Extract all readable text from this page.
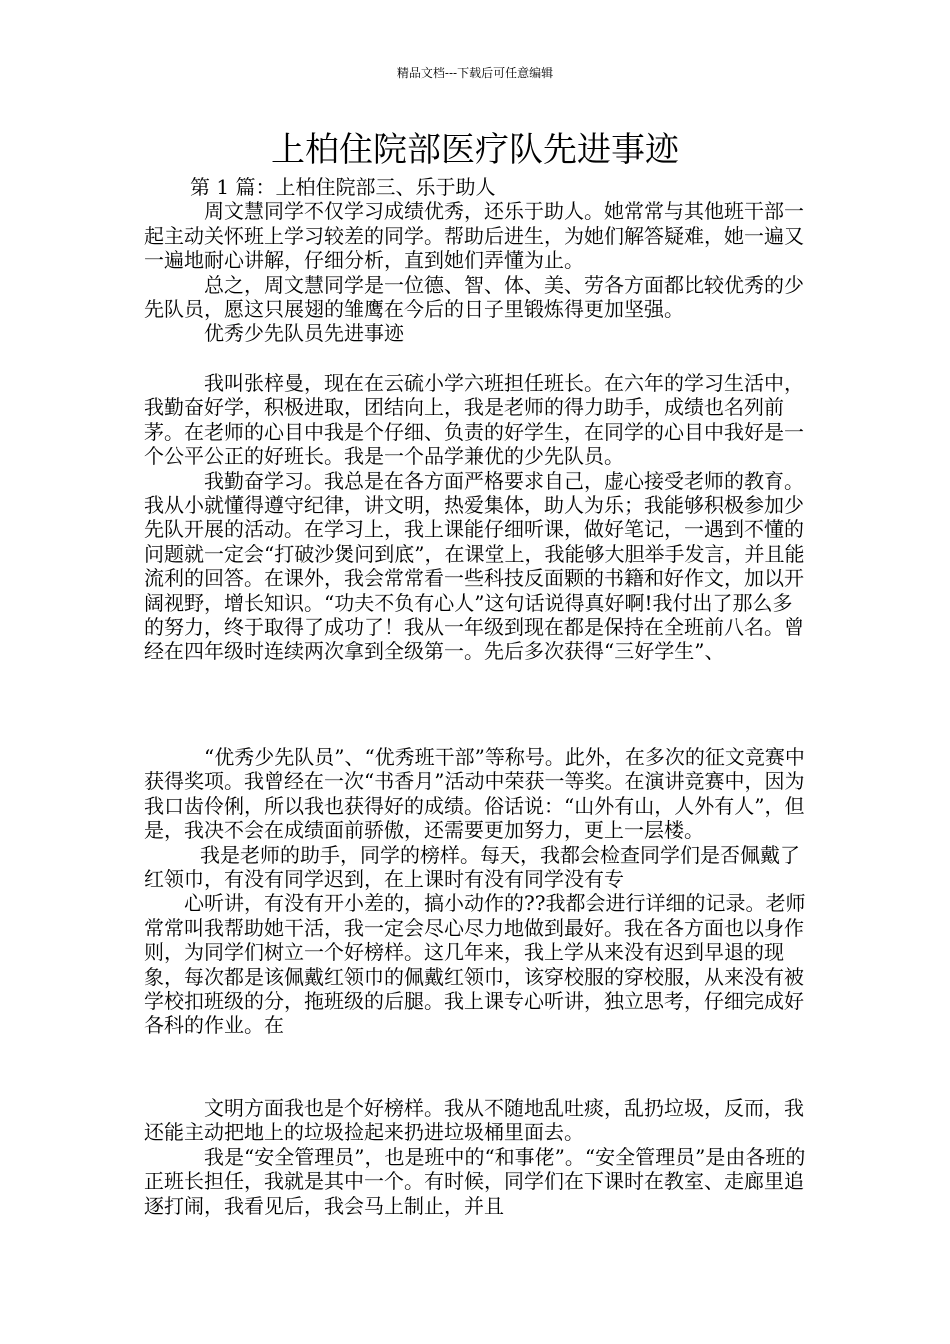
精品文档---下载后可任意编辑
上柏住院部医疗队先进事迹

第 1 篇：上柏住院部三、乐于助人

周文慧同学不仅学习成绩优秀，还乐于助人。她常常与其他班干部一起主动关怀班上学习较差的同学。帮助后进生，为她们解答疑难，她一遍又一遍地耐心讲解，仔细分析，直到她们弄懂为止。

总之，周文慧同学是一位德、智、体、美、劳各方面都比较优秀的少先队员，愿这只展翅的雏鹰在今后的日子里锻炼得更加坚强。

优秀少先队员先进事迹

我叫张梓曼，现在在云硫小学六班担任班长。在六年的学习生活中，我勤奋好学，积极进取，团结向上，我是老师的得力助手，成绩也名列前茅。在老师的心目中我是个仔细、负责的好学生，在同学的心目中我好是一个公平公正的好班长。我是一个品学兼优的少先队员。

我勤奋学习。我总是在各方面严格要求自己，虚心接受老师的教育。我从小就懂得遵守纪律，讲文明，热爱集体，助人为乐；我能够积极参加少先队开展的活动。在学习上，我上课能仔细听课，做好笔记，一遇到不懂的问题就一定会“打破沙煲问到底”，在课堂上，我能够大胆举手发言，并且能流利的回答。在课外，我会常常看一些科技反面颗的书籍和好作文，加以开阔视野，增长知识。“功夫不负有心人”这句话说得真好啊!我付出了那么多的努力，终于取得了成功了！我从一年级到现在都是保持在全班前八名。曾经在四年级时连续两次拿到全级第一。先后多次获得“三好学生”、

“优秀少先队员”、“优秀班干部”等称号。此外，在多次的征文竞赛中获得奖项。我曾经在一次“书香月”活动中荣获一等奖。在演讲竞赛中，因为我口齿伶俐，所以我也获得好的成绩。俗话说：“山外有山，人外有人”，但是，我决不会在成绩面前骄傲，还需要更加努力，更上一层楼。

我是老师的助手，同学的榜样。每天，我都会检查同学们是否佩戴了红领巾，有没有同学迟到，在上课时有没有同学没有专

心听讲，有没有开小差的，搞小动作的??我都会进行详细的记录。老师常常叫我帮助她干活，我一定会尽心尽力地做到最好。我在各方面也以身作则，为同学们树立一个好榜样。这几年来，我上学从来没有迟到早退的现象，每次都是该佩戴红领巾的佩戴红领巾，该穿校服的穿校服，从来没有被学校扣班级的分，拖班级的后腿。我上课专心听讲，独立思考，仔细完成好各科的作业。在

文明方面我也是个好榜样。我从不随地乱吐痰，乱扔垃圾，反而，我还能主动把地上的垃圾捡起来扔进垃圾桶里面去。

我是“安全管理员”，也是班中的“和事佬”。“安全管理员”是由各班的正班长担任，我就是其中一个。有时候，同学们在下课时在教室、走廊里追逐打闹，我看见后，我会马上制止，并且
